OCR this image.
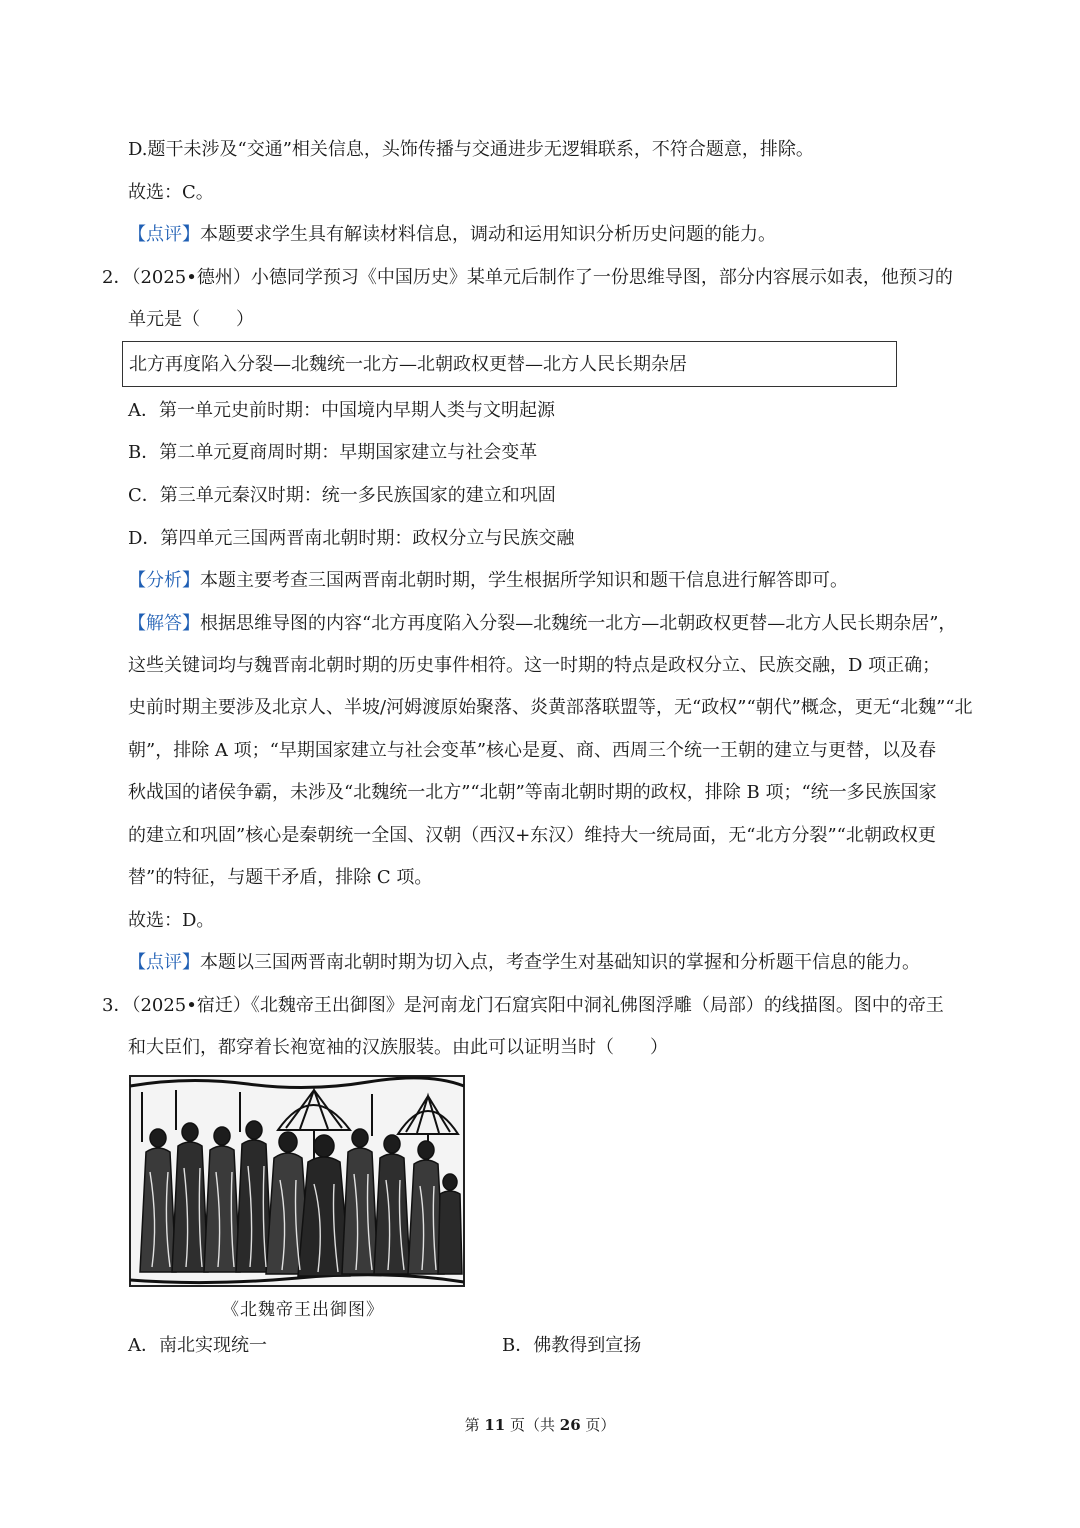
D.题干未涉及“交通”相关信息，头饰传播与交通进步无逻辑联系，不符合题意，排除。
故选：C。
【点评】本题要求学生具有解读材料信息，调动和运用知识分析历史问题的能力。
2．（2025•德州）小德同学预习《中国历史》某单元后制作了一份思维导图，部分内容展示如表，他预习的
单元是（　　）
北方再度陷入分裂—北魏统一北方—北朝政权更替—北方人民长期杂居
A．第一单元史前时期：中国境内早期人类与文明起源
B．第二单元夏商周时期：早期国家建立与社会变革
C．第三单元秦汉时期：统一多民族国家的建立和巩固
D．第四单元三国两晋南北朝时期：政权分立与民族交融
【分析】本题主要考查三国两晋南北朝时期，学生根据所学知识和题干信息进行解答即可。
【解答】根据思维导图的内容“北方再度陷入分裂—北魏统一北方—北朝政权更替—北方人民长期杂居”，
这些关键词均与魏晋南北朝时期的历史事件相符。这一时期的特点是政权分立、民族交融，D 项正确；
史前时期主要涉及北京人、半坡/河姆渡原始聚落、炎黄部落联盟等，无“政权”“朝代”概念，更无“北魏”“北
朝”，排除 A 项；“早期国家建立与社会变革”核心是夏、商、西周三个统一王朝的建立与更替，以及春
秋战国的诸侯争霸，未涉及“北魏统一北方”“北朝”等南北朝时期的政权，排除 B 项；“统一多民族国家
的建立和巩固”核心是秦朝统一全国、汉朝（西汉+东汉）维持大一统局面，无“北方分裂”“北朝政权更
替”的特征，与题干矛盾，排除 C 项。
故选：D。
【点评】本题以三国两晋南北朝时期为切入点，考查学生对基础知识的掌握和分析题干信息的能力。
3．（2025•宿迁）《北魏帝王出御图》是河南龙门石窟宾阳中洞礼佛图浮雕（局部）的线描图。图中的帝王
和大臣们，都穿着长袍宽袖的汉族服装。由此可以证明当时（　　）
《北魏帝王出御图》
A．南北实现统一	B．佛教得到宣扬
第 11 页（共 26 页）
